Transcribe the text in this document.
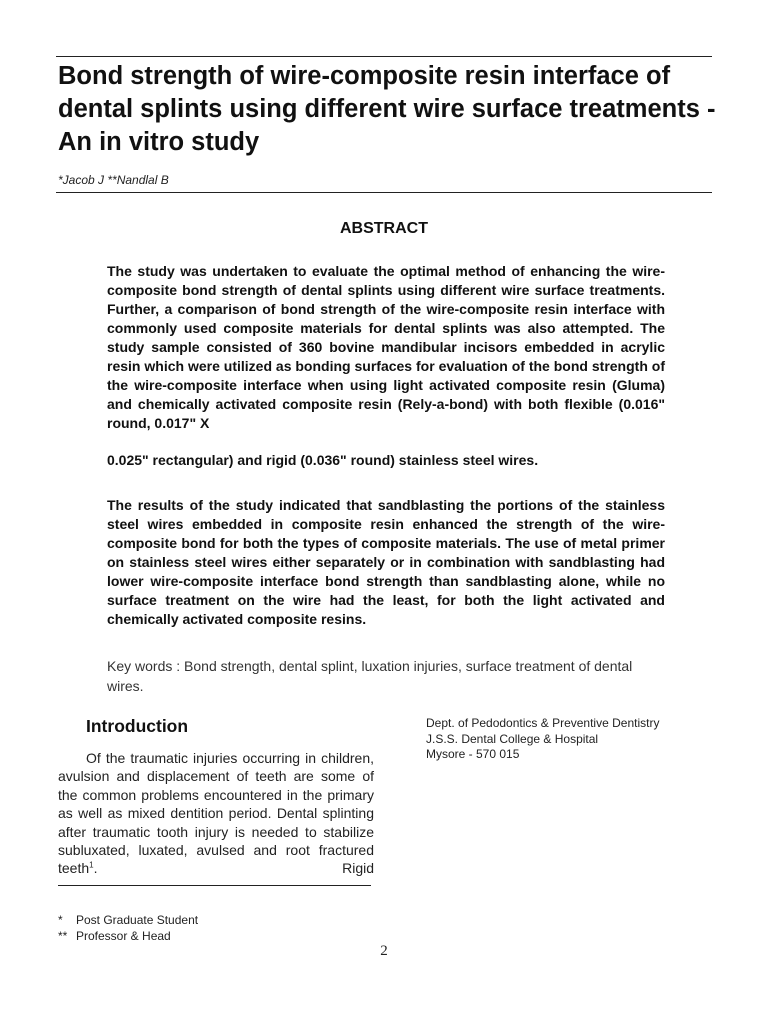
Bond strength of wire-composite resin interface of dental splints using different wire surface treatments - An in vitro study

*Jacob J **Nandlal B

ABSTRACT

The study was undertaken to evaluate the optimal method of enhancing the wire-composite bond strength of dental splints using different wire surface treatments. Further, a comparison of bond strength of the wire-composite resin interface with commonly used composite materials for dental splints was also attempted. The study sample consisted of 360 bovine mandibular incisors embedded in acrylic resin which were utilized as bonding surfaces for evaluation of the bond strength of the wire-composite interface when using light activated composite resin (Gluma) and chemically activated composite resin (Rely-a-bond) with both flexible (0.016" round, 0.017" X

0.025" rectangular) and rigid (0.036" round) stainless steel wires.

The results of the study indicated that sandblasting the portions of the stainless steel wires embedded in composite resin enhanced the strength of the wire-composite bond for both the types of composite materials. The use of metal primer on stainless steel wires either separately or in combination with sandblasting had lower wire-composite interface bond strength than sandblasting alone, while no surface treatment on the wire had the least, for both the light activated and chemically activated composite resins.

Key words : Bond strength, dental splint, luxation injuries, surface treatment of dental wires.

Introduction

Of the traumatic injuries occurring in children, avulsion and displacement of teeth are some of the common problems encountered in the primary as well as mixed dentition period. Dental splinting after traumatic tooth injury is needed to stabilize subluxated, luxated, avulsed and root fractured teeth$^1$. Rigid

* Post Graduate Student
** Professor & Head

Dept. of Pedodontics & Preventive Dentistry
J.S.S. Dental College & Hospital
Mysore - 570 015

2
